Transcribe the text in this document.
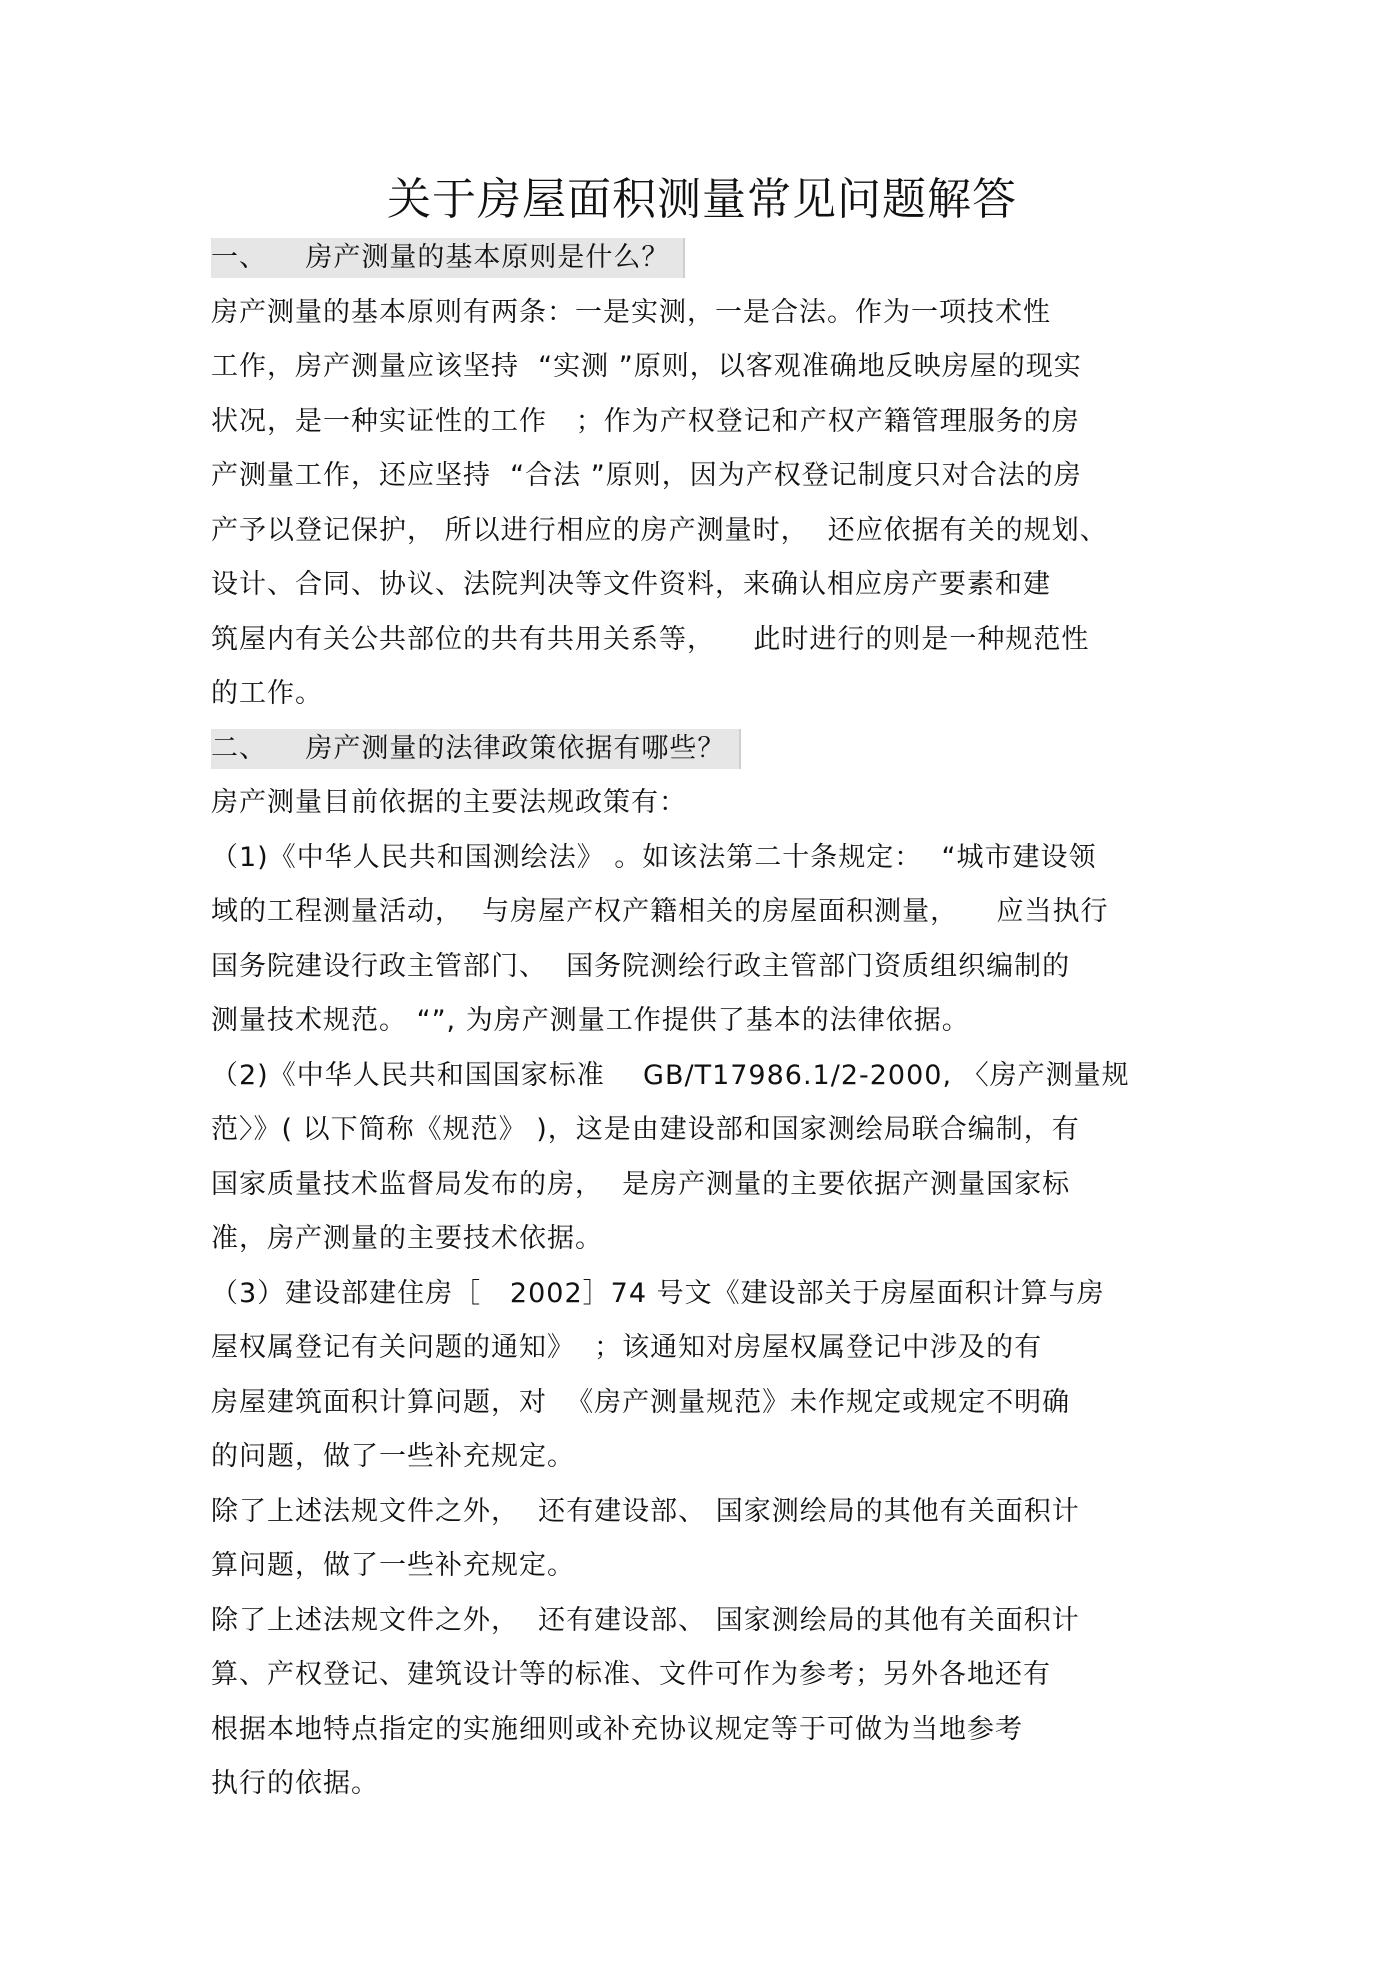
关于房屋面积测量常见问题解答
一、    房产测量的基本原则是什么？
房产测量的基本原则有两条：一是实测，一是合法。作为一项技术性
工作，房产测量应该坚持  “实测 ”原则，以客观准确地反映房屋的现实
状况，是一种实证性的工作   ；作为产权登记和产权产籍管理服务的房
产测量工作，还应坚持  “合法 ”原则，因为产权登记制度只对合法的房
产予以登记保护， 所以进行相应的房产测量时，  还应依据有关的规划、
设计、合同、协议、法院判决等文件资料，来确认相应房产要素和建
筑屋内有关公共部位的共有共用关系等，    此时进行的则是一种规范性
的工作。
二、    房产测量的法律政策依据有哪些？
房产测量目前依据的主要法规政策有：
（1)《中华人民共和国测绘法》 。如该法第二十条规定：  “城市建设领
域的工程测量活动，  与房屋产权产籍相关的房屋面积测量，    应当执行
国务院建设行政主管部门、  国务院测绘行政主管部门资质组织编制的
测量技术规范。 “”, 为房产测量工作提供了基本的法律依据。
（2)《中华人民共和国国家标准    GB/T17986.1/2-2000, 〈房产测量规
范〉》( 以下简称《规范》 )，这是由建设部和国家测绘局联合编制，有
国家质量技术监督局发布的房，  是房产测量的主要依据产测量国家标
准，房产测量的主要技术依据。
（3）建设部建住房［   2002］74 号文《建设部关于房屋面积计算与房
屋权属登记有关问题的通知》  ；该通知对房屋权属登记中涉及的有
房屋建筑面积计算问题，对  《房产测量规范》未作规定或规定不明确
的问题，做了一些补充规定。
除了上述法规文件之外，  还有建设部、 国家测绘局的其他有关面积计
算问题，做了一些补充规定。
除了上述法规文件之外，  还有建设部、 国家测绘局的其他有关面积计
算、产权登记、建筑设计等的标准、文件可作为参考；另外各地还有
根据本地特点指定的实施细则或补充协议规定等于可做为当地参考
执行的依据。
